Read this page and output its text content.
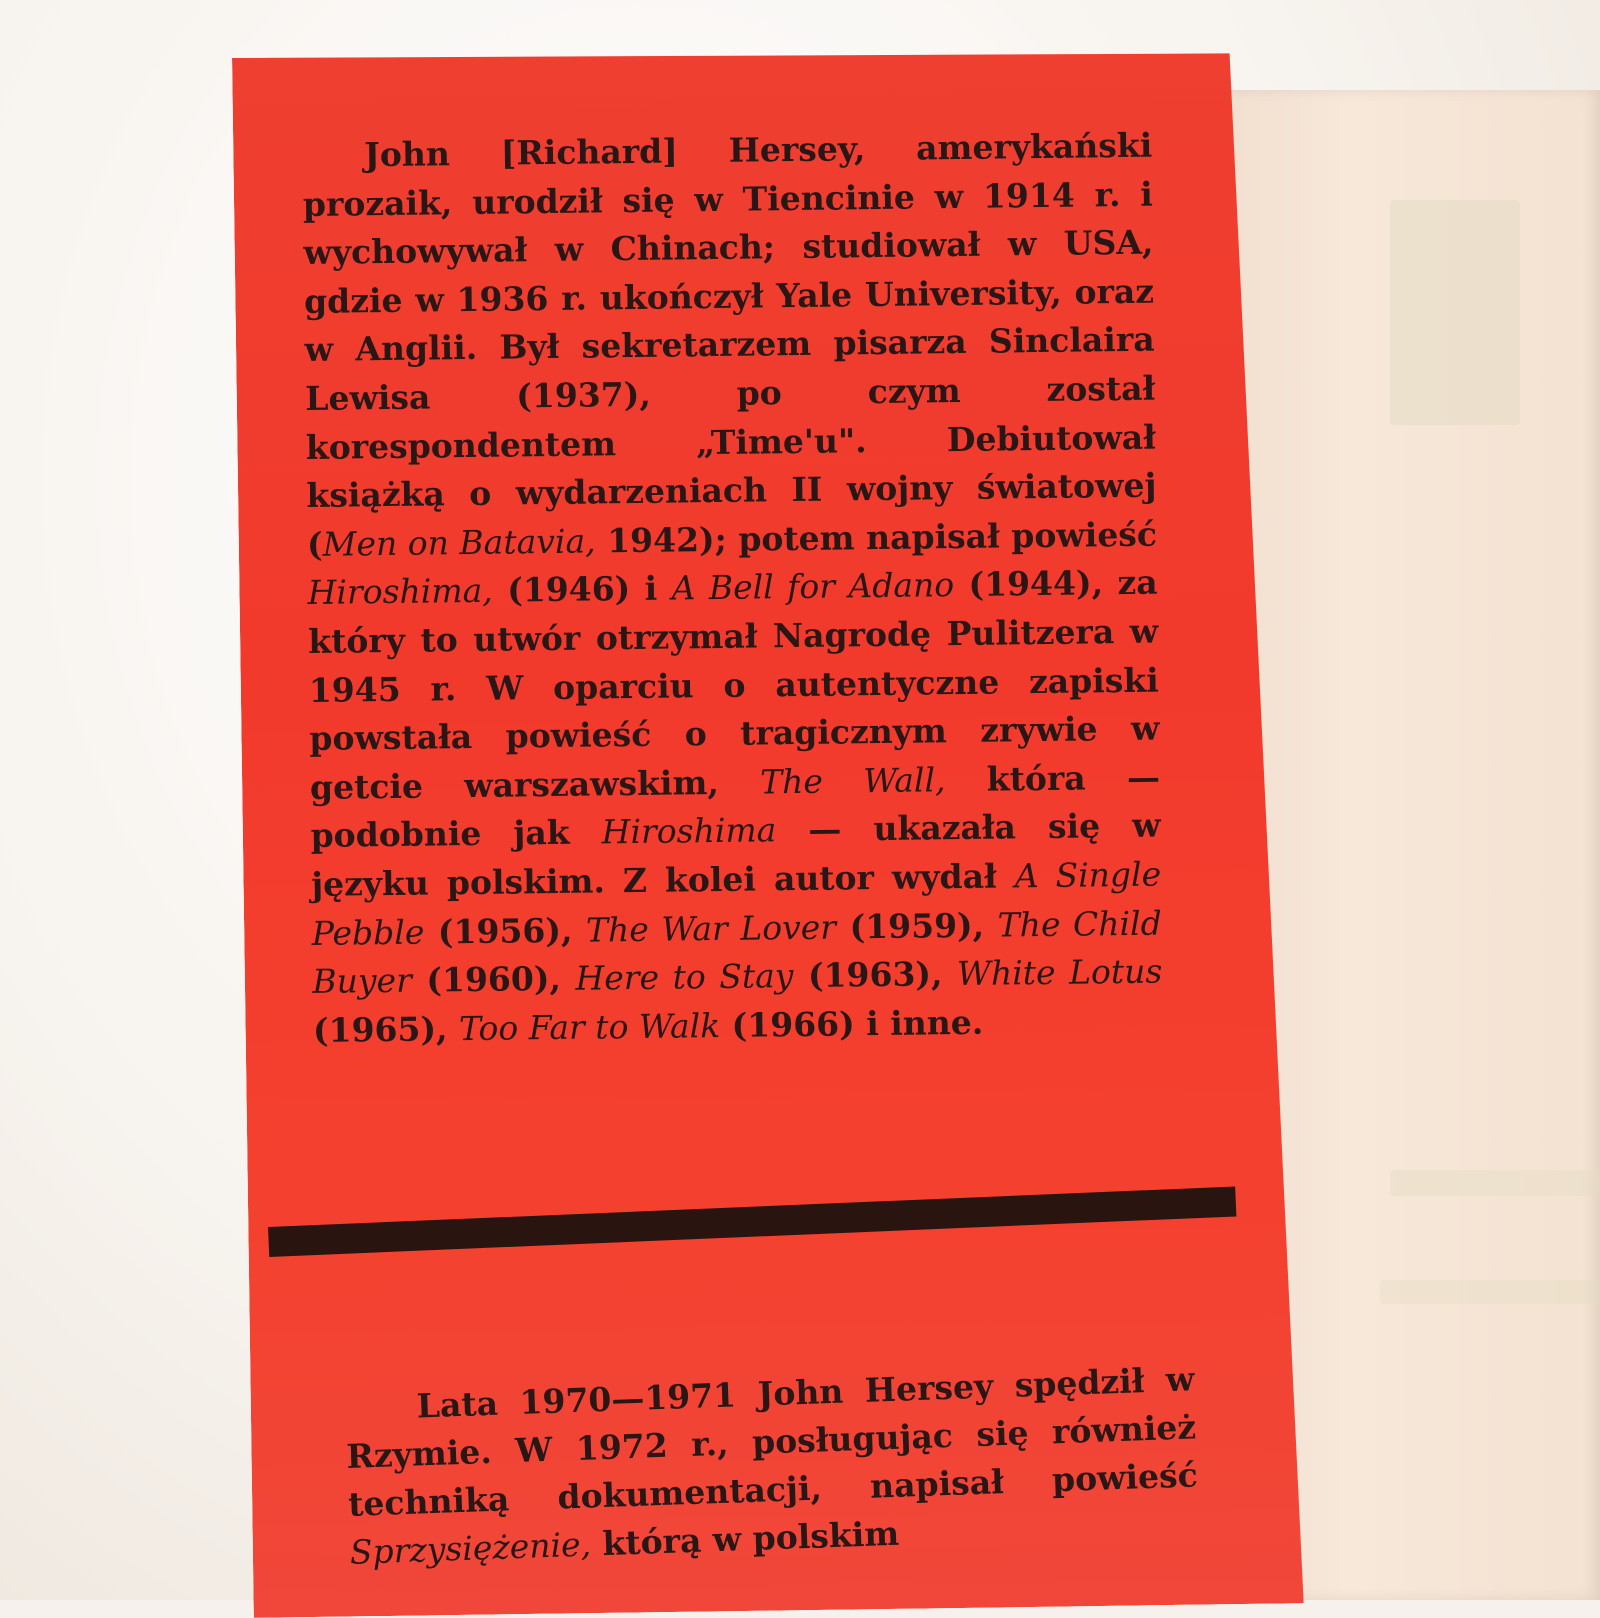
John [Richard] Hersey, amerykański prozaik, urodził się w Tiencinie w 1914 r. i wychowywał w Chinach; studiował w USA, gdzie w 1936 r. ukończył Yale University, oraz w Anglii. Był sekretarzem pisarza Sinclaira Lewisa (1937), po czym został korespondentem „Time'u". Debiutował książką o wydarzeniach II wojny światowej (Men on Batavia, 1942); potem napisał powieść Hiroshima, (1946) i A Bell for Adano (1944), za który to utwór otrzymał Nagrodę Pulitzera w 1945 r. W oparciu o autentyczne zapiski powstała powieść o tragicznym zrywie w getcie warszawskim, The Wall, która — podobnie jak Hiroshima — ukazała się w języku polskim. Z kolei autor wydał A Single Pebble (1956), The War Lover (1959), The Child Buyer (1960), Here to Stay (1963), White Lotus (1965), Too Far to Walk (1966) i inne.

Lata 1970—1971 John Hersey spędził w Rzymie. W 1972 r., posługując się również techniką dokumentacji, napisał powieść Sprzysiężenie, którą w polskim
